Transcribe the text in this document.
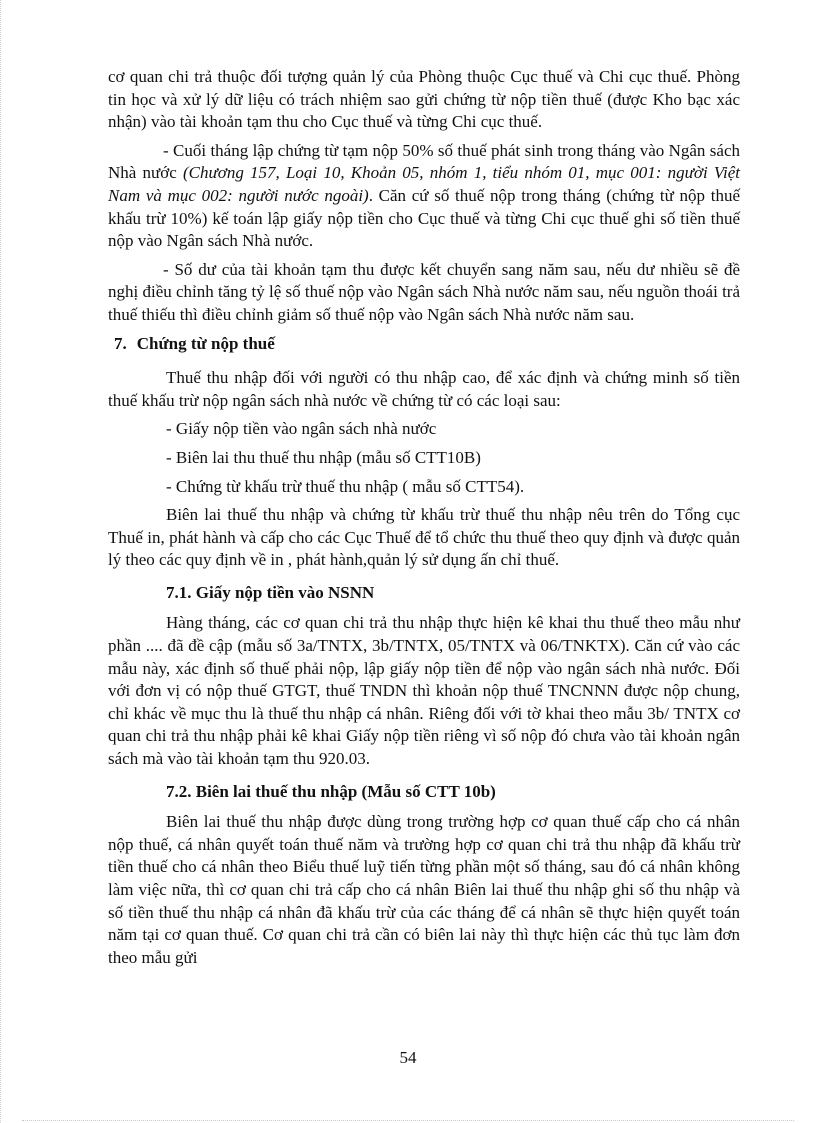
cơ quan chi trả thuộc đối tượng quản lý của Phòng thuộc Cục thuế và Chi cục thuế. Phòng tin học và xử lý dữ liệu có trách nhiệm sao gửi chứng từ nộp tiền thuế (được Kho bạc xác nhận) vào tài khoản tạm thu cho Cục thuế và từng Chi cục thuế.

- Cuối tháng lập chứng từ tạm nộp 50% số thuế phát sinh trong tháng vào Ngân sách Nhà nước (Chương 157, Loại 10, Khoản 05, nhóm 1, tiểu nhóm 01, mục 001: người Việt Nam và mục 002: người nước ngoài). Căn cứ số thuế nộp trong tháng (chứng từ nộp thuế khấu trừ 10%) kế toán lập giấy nộp tiền cho Cục thuế và từng Chi cục thuế ghi số tiền thuế nộp vào Ngân sách Nhà nước.

- Số dư của tài khoản tạm thu được kết chuyển sang năm sau, nếu dư nhiều sẽ đề nghị điều chỉnh tăng tỷ lệ số thuế nộp vào Ngân sách Nhà nước năm sau, nếu nguồn thoái trả thuế thiếu thì điều chỉnh giảm số thuế nộp vào Ngân sách Nhà nước năm sau.

7. Chứng từ nộp thuế

Thuế thu nhập đối với người có thu nhập cao, để xác định và chứng minh số tiền thuế khấu trừ nộp ngân sách nhà nước về chứng từ có các loại sau:

- Giấy nộp tiền vào ngân sách nhà nước

- Biên lai thu thuế thu nhập (mẫu số CTT10B)

- Chứng từ khấu trừ thuế thu nhập ( mẫu số CTT54).

Biên lai thuế thu nhập và chứng từ khấu trừ thuế thu nhập nêu trên do Tổng cục Thuế in, phát hành và cấp cho các Cục Thuế để tổ chức thu thuế theo quy định và được quản lý theo các quy định về in , phát hành,quản lý sử dụng ấn chỉ thuế.

7.1. Giấy nộp tiền vào NSNN

Hàng tháng, các cơ quan chi trả thu nhập thực hiện kê khai thu thuế theo mẫu như phần .... đã đề cập (mẫu số 3a/TNTX, 3b/TNTX, 05/TNTX và 06/TNKTX). Căn cứ vào các mẫu này, xác định số thuế phải nộp, lập giấy nộp tiền để nộp vào ngân sách nhà nước. Đối với đơn vị có nộp thuế GTGT, thuế TNDN thì khoản nộp thuế TNCNNN được nộp chung, chỉ khác về mục thu là thuế thu nhập cá nhân. Riêng đối với tờ khai theo mẫu 3b/ TNTX cơ quan chi trả thu nhập phải kê khai Giấy nộp tiền riêng vì số nộp đó chưa vào tài khoản ngân sách mà vào tài khoản tạm thu 920.03.

7.2. Biên lai thuế thu nhập (Mẫu số CTT 10b)

Biên lai thuế thu nhập được dùng trong trường hợp cơ quan thuế cấp cho cá nhân nộp thuế, cá nhân quyết toán thuế năm và trường hợp cơ quan chi trả thu nhập đã khấu trừ tiền thuế cho cá nhân theo Biểu thuế luỹ tiến từng phần một số tháng, sau đó cá nhân không làm việc nữa, thì cơ quan chi trả cấp cho cá nhân Biên lai thuế thu nhập ghi số thu nhập và số tiền thuế thu nhập cá nhân đã khấu trừ của các tháng để cá nhân sẽ thực hiện quyết toán năm tại cơ quan thuế. Cơ quan chi trả cần có biên lai này thì thực hiện các thủ tục làm đơn theo mẫu gửi

54
